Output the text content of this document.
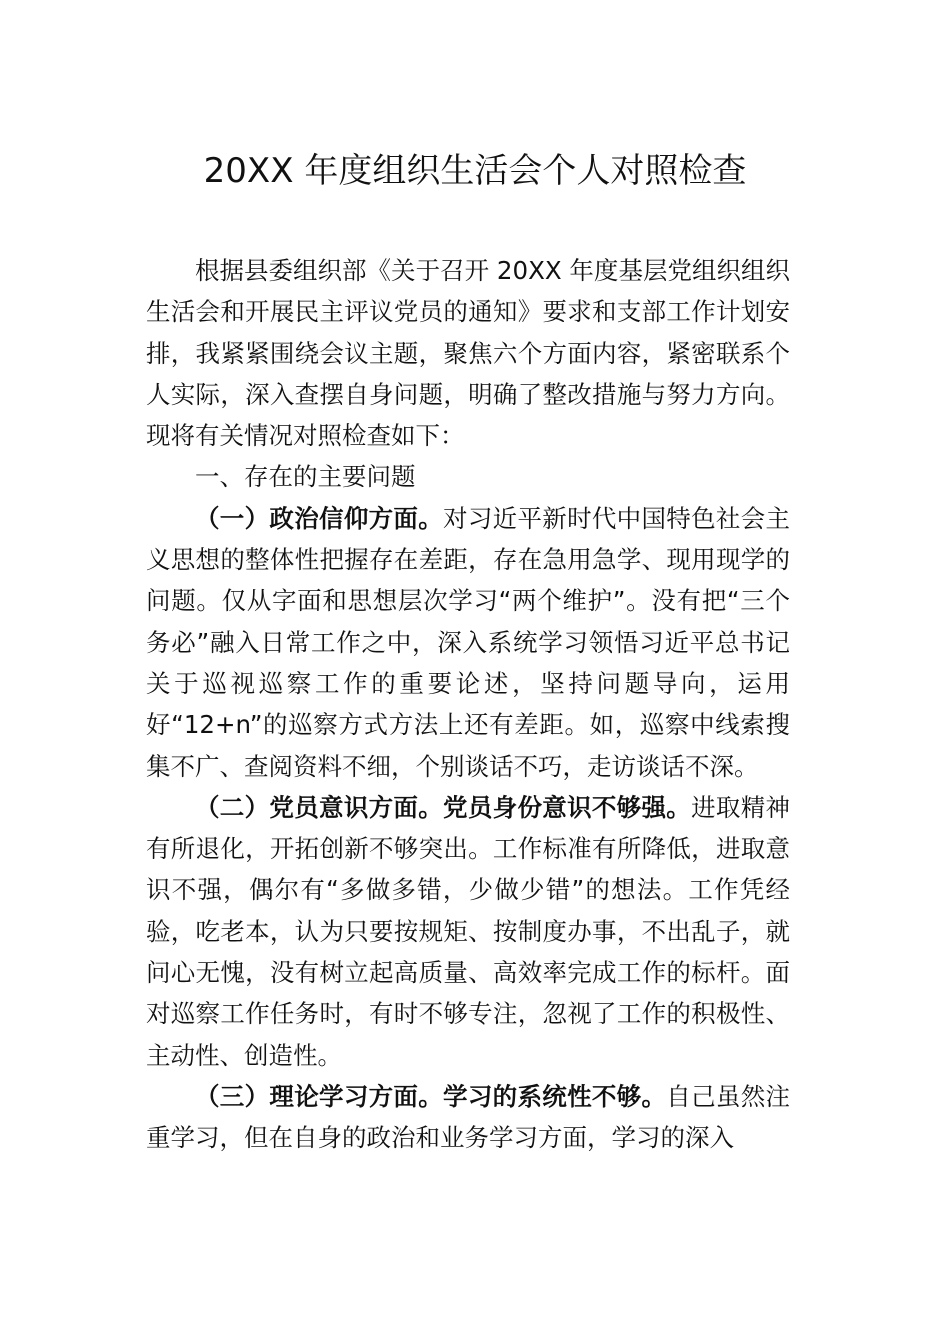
20XX 年度组织生活会个人对照检查

根据县委组织部《关于召开 20XX 年度基层党组织组织生活会和开展民主评议党员的通知》要求和支部工作计划安排，我紧紧围绕会议主题，聚焦六个方面内容，紧密联系个人实际，深入查摆自身问题，明确了整改措施与努力方向。现将有关情况对照检查如下：

一、存在的主要问题

（一）政治信仰方面。对习近平新时代中国特色社会主义思想的整体性把握存在差距，存在急用急学、现用现学的问题。仅从字面和思想层次学习“两个维护”。没有把“三个务必”融入日常工作之中，深入系统学习领悟习近平总书记关于巡视巡察工作的重要论述，坚持问题导向，运用好“12+n”的巡察方式方法上还有差距。如，巡察中线索搜集不广、查阅资料不细，个别谈话不巧，走访谈话不深。

（二）党员意识方面。党员身份意识不够强。进取精神有所退化，开拓创新不够突出。工作标准有所降低，进取意识不强，偶尔有“多做多错，少做少错”的想法。工作凭经验，吃老本，认为只要按规矩、按制度办事，不出乱子，就问心无愧，没有树立起高质量、高效率完成工作的标杆。面对巡察工作任务时，有时不够专注，忽视了工作的积极性、主动性、创造性。

（三）理论学习方面。学习的系统性不够。自己虽然注重学习，但在自身的政治和业务学习方面，学习的深入
